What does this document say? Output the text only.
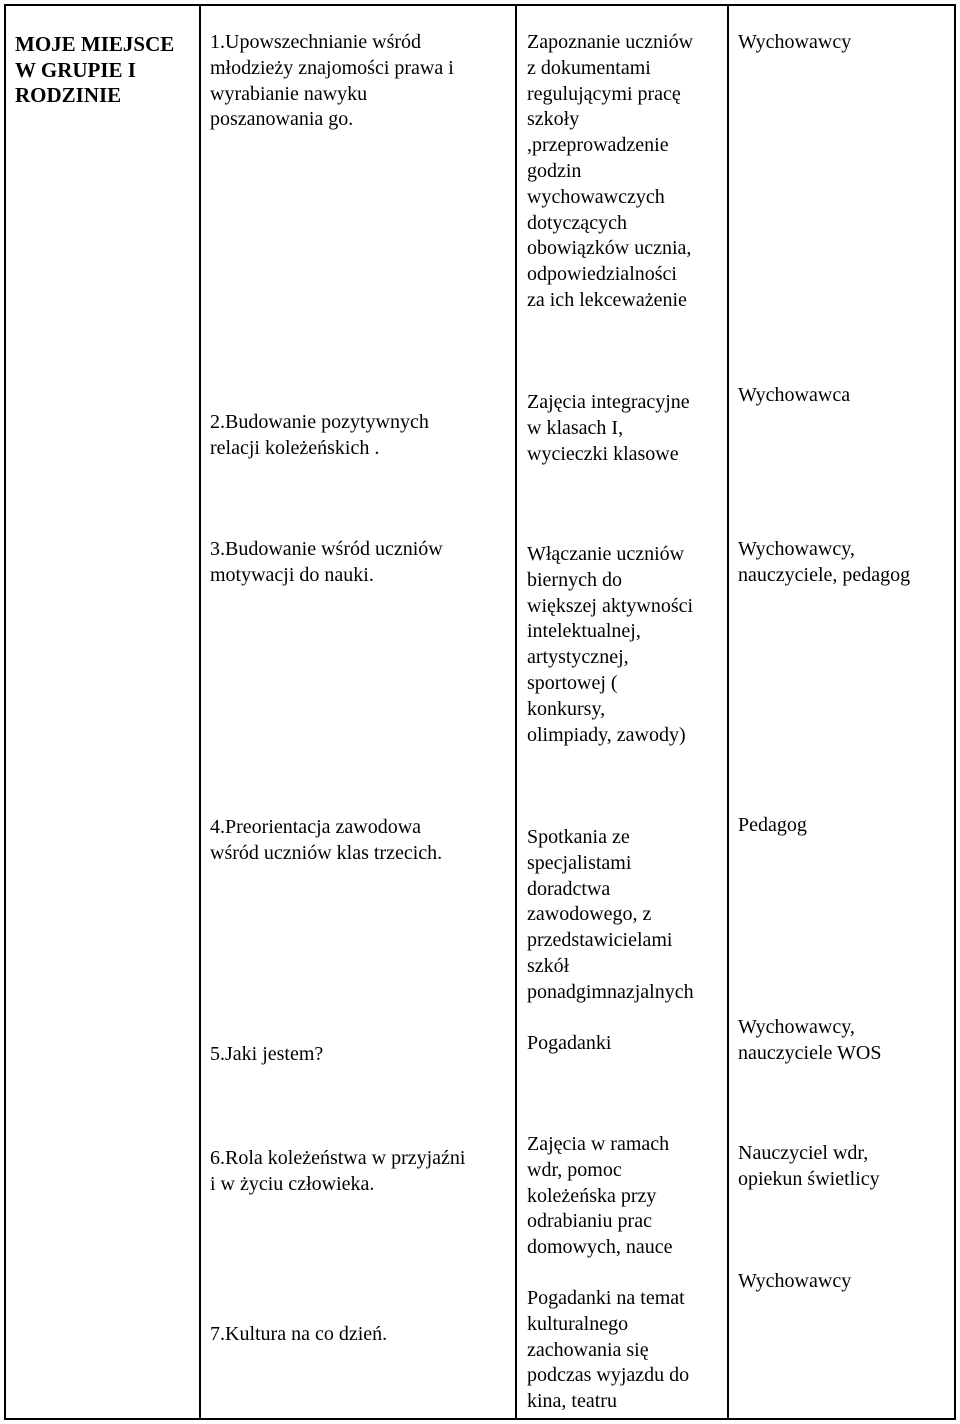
MOJE MIEJSCE
W GRUPIE I
RODZINIE
1.Upowszechnianie wśród
młodzieży znajomości prawa i
wyrabianie nawyku
poszanowania go.
Zapoznanie uczniów
z dokumentami
regulującymi pracę
szkoły
,przeprowadzenie
godzin
wychowawczych
dotyczących
obowiązków ucznia,
odpowiedzialności
za ich lekceważenie
Wychowawcy
2.Budowanie pozytywnych
relacji koleżeńskich .
Zajęcia integracyjne
w klasach I,
wycieczki klasowe
Wychowawca
3.Budowanie wśród uczniów
motywacji do nauki.
Włączanie uczniów
biernych do
większej aktywności
intelektualnej,
artystycznej,
sportowej (
konkursy,
olimpiady, zawody)
Wychowawcy,
nauczyciele, pedagog
4.Preorientacja zawodowa
wśród uczniów klas trzecich.
5.Jaki jestem?
Spotkania ze
specjalistami
doradctwa
zawodowego, z
przedstawicielami
szkół
ponadgimnazjalnych
Pogadanki
Pedagog
Wychowawcy,
nauczyciele WOS
6.Rola koleżeństwa w przyjaźni
i w życiu człowieka.
7.Kultura na co dzień.
Zajęcia w ramach
wdr, pomoc
koleżeńska przy
odrabianiu prac
domowych, nauce
Pogadanki na temat
kulturalnego
zachowania się
podczas wyjazdu do
kina, teatru
Nauczyciel wdr,
opiekun świetlicy
Wychowawcy
